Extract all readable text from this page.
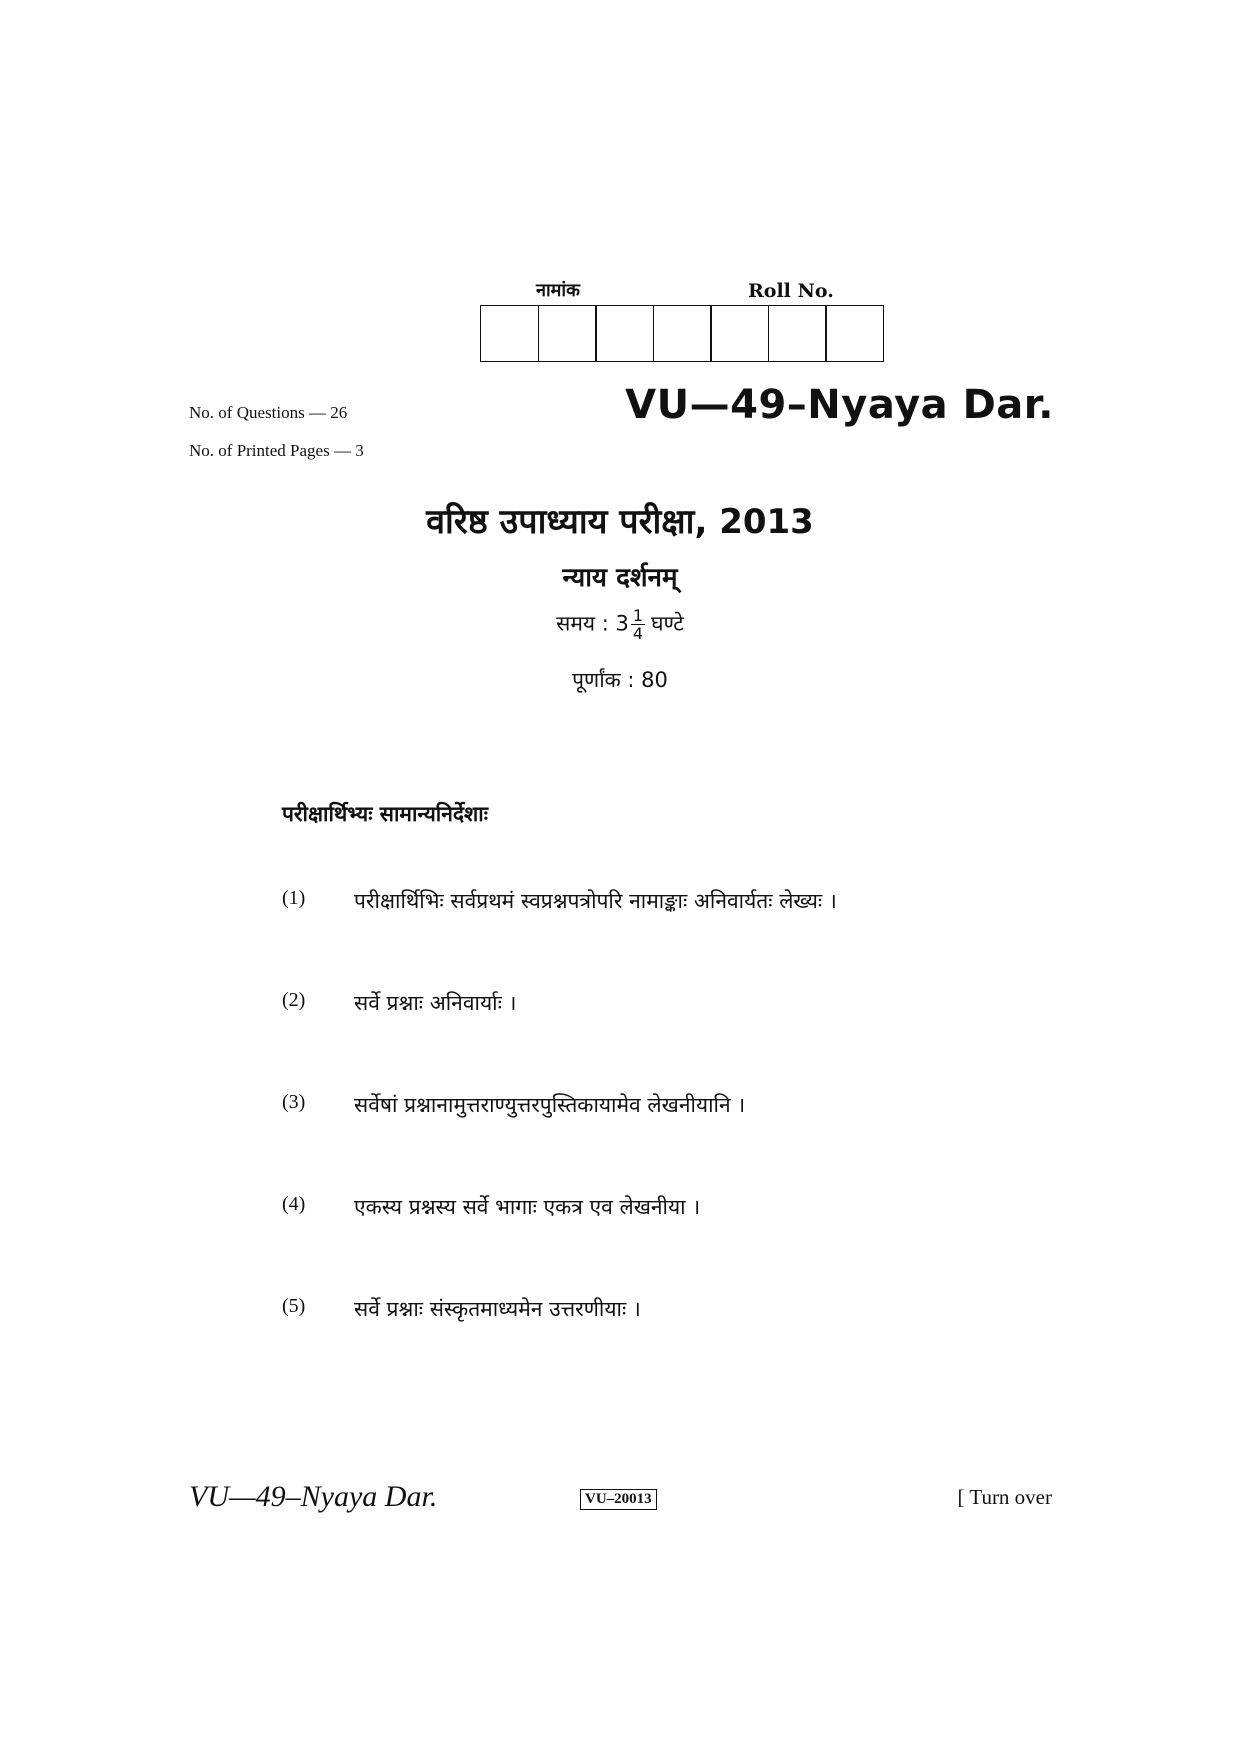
नामांक	Roll No.
No. of Questions — 26
No. of Printed Pages — 3
VU—49–Nyaya Dar.
वरिष्ठ उपाध्याय परीक्षा, 2013
न्याय दर्शनम्
समय : $3 \frac{1}{4}$ घण्टे
पूर्णांक : 80
परीक्षार्थिभ्यः सामान्यनिर्देशाः
(1)	परीक्षार्थिभिः सर्वप्रथमं स्वप्रश्नपत्रोपरि नामाङ्काः अनिवार्यतः लेख्यः ।
(2)	सर्वे प्रश्नाः अनिवार्याः ।
(3)	सर्वेषां प्रश्नानामुत्तराण्युत्तरपुस्तिकायामेव लेखनीयानि ।
(4)	एकस्य प्रश्नस्य सर्वे भागाः एकत्र एव लेखनीया ।
(5)	सर्वे प्रश्नाः संस्कृतमाध्यमेन उत्तरणीयाः ।
VU—49–Nyaya Dar.	VU–20013	[ Turn over
